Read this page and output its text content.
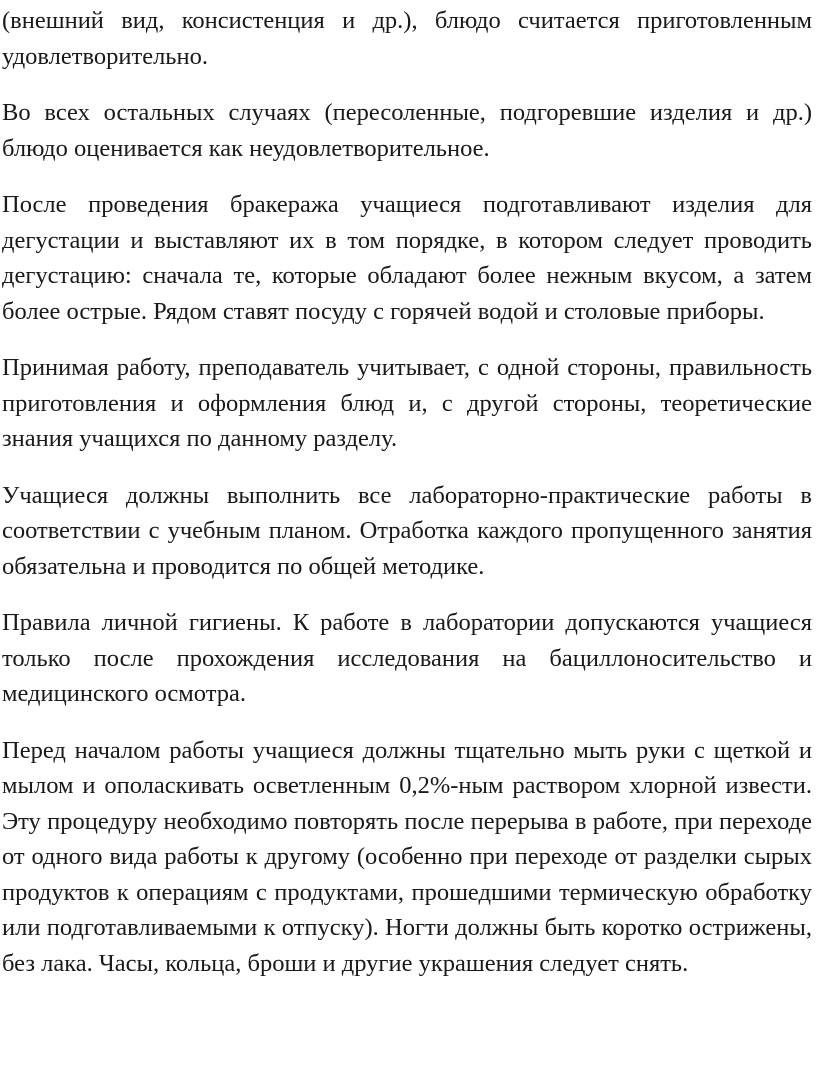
(внешний вид, консистенция и др.), блюдо считается приготовленным удовлетворительно.

Во всех остальных случаях (пересоленные, подгоревшие изделия и др.) блюдо оценивается как неудовлетворительное.

После проведения бракеража учащиеся подготавливают изделия для дегустации и выставляют их в том порядке, в котором следует проводить дегустацию: сначала те, которые обладают более нежным вкусом, а затем более острые. Рядом ставят посуду с горячей водой и столовые приборы.

Принимая работу, преподаватель учитывает, с одной стороны, правильность приготовления и оформления блюд и, с другой стороны, теоретические знания учащихся по данному разделу.

Учащиеся должны выполнить все лабораторно-практические работы в соответствии с учебным планом. Отработка каждого пропущенного занятия обязательна и проводится по общей методике.

Правила личной гигиены. К работе в лаборатории допускаются учащиеся только после прохождения исследования на бациллоносительство и медицинского осмотра.

Перед началом работы учащиеся должны тщательно мыть руки с щеткой и мылом и ополаскивать осветленным 0,2%-ным раствором хлорной извести. Эту процедуру необходимо повторять после перерыва в работе, при переходе от одного вида работы к другому (особенно при переходе от разделки сырых продуктов к операциям с продуктами, прошедшими термическую обработку или подготавливаемыми к отпуску). Ногти должны быть коротко острижены, без лака. Часы, кольца, броши и другие украшения следует снять.
